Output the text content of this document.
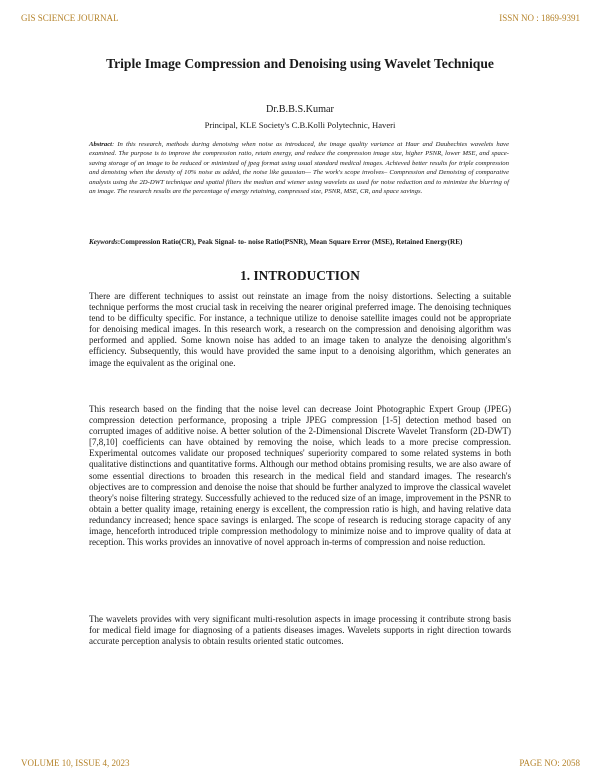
GIS SCIENCE JOURNAL	ISSN NO : 1869-9391
Triple Image Compression and Denoising using Wavelet Technique
Dr.B.B.S.Kumar
Principal, KLE Society's C.B.Kolli Polytechnic, Haveri
Abstract: In this research, methods during denoising when noise as introduced, the image quality variance at Haar and Daubechies wavelets have examined. The purpose is to improve the compression ratio, retain energy, and reduce the compression image size, higher PSNR, lower MSE, and space-saving storage of an image to be reduced or minimized of jpeg format using usual standard medical images. Achieved better results for triple compression and denoising when the density of 10% noise as added, the noise like gaussian— The work's scope involves– Compression and Denoising of comparative analysis using the 2D-DWT technique and spatial filters the median and wiener using wavelets as used for noise reduction and to minimize the blurring of an image. The research results are the percentage of energy retaining, compressed size, PSNR, MSE, CR, and space savings.
Keywords:Compression Ratio(CR), Peak Signal- to- noise Ratio(PSNR), Mean Square Error (MSE), Retained Energy(RE)
1. INTRODUCTION

There are different techniques to assist out reinstate an image from the noisy distortions. Selecting a suitable technique performs the most crucial task in receiving the nearer original preferred image. The denoising techniques tend to be difficulty specific. For instance, a technique utilize to denoise satellite images could not be appropriate for denoising medical images. In this research work, a research on the compression and denoising algorithm was performed and applied. Some known noise has added to an image taken to analyze the denoising algorithm's efficiency. Subsequently, this would have provided the same input to a denoising algorithm, which generates an image the equivalent as the original one.

This research based on the finding that the noise level can decrease Joint Photographic Expert Group (JPEG) compression detection performance, proposing a triple JPEG compression [1-5] detection method based on corrupted images of additive noise. A better solution of the 2-Dimensional Discrete Wavelet Transform (2D-DWT)[7,8,10] coefficients can have obtained by removing the noise, which leads to a more precise compression. Experimental outcomes validate our proposed techniques' superiority compared to some related systems in both qualitative distinctions and quantitative forms. Although our method obtains promising results, we are also aware of some essential directions to broaden this research in the medical field and standard images. The research's objectives are to compression and denoise the noise that should be further analyzed to improve the classical wavelet theory's noise filtering strategy. Successfully achieved to the reduced size of an image, improvement in the PSNR to obtain a better quality image, retaining energy is excellent, the compression ratio is high, and having relative data redundancy increased; hence space savings is enlarged. The scope of research is reducing storage capacity of any image, henceforth introduced triple compression methodology to minimize noise and to improve quality of data at reception. This works provides an innovative of novel approach in-terms of compression and noise reduction.

The wavelets provides with very significant multi-resolution aspects in image processing it contribute strong basis for medical field image for diagnosing of a patients diseases images. Wavelets supports in right direction towards accurate perception analysis to obtain results oriented static outcomes.

VOLUME 10, ISSUE 4, 2023	PAGE NO: 2058
